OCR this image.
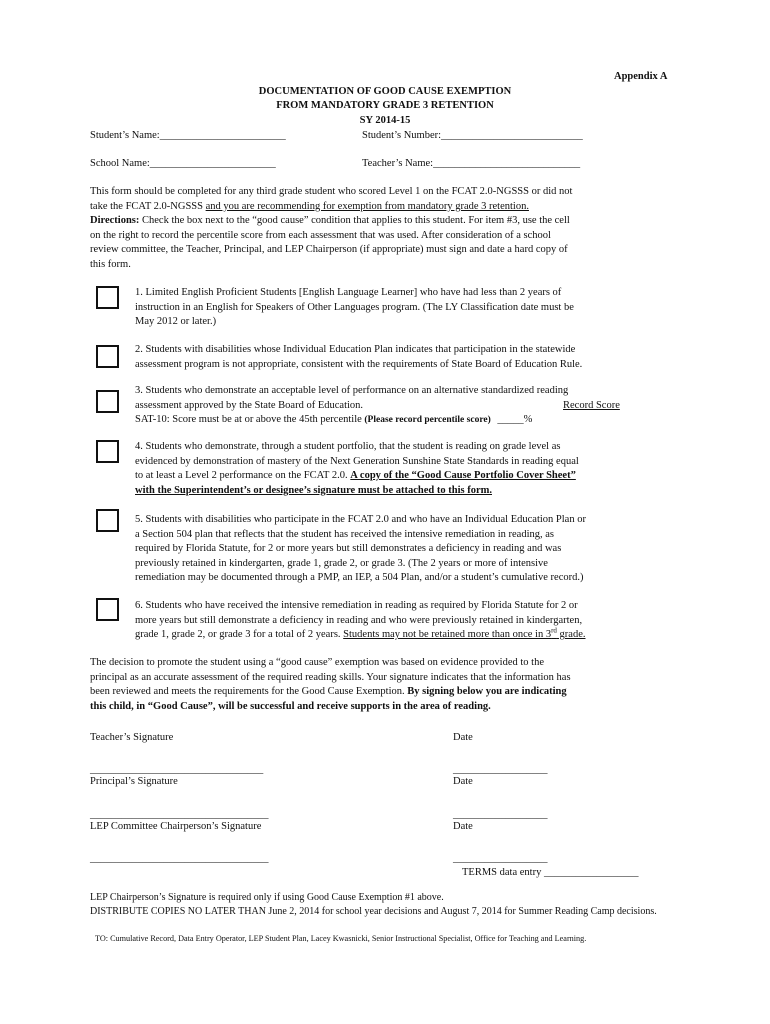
Appendix A
DOCUMENTATION OF GOOD CAUSE EXEMPTION
FROM MANDATORY GRADE 3 RETENTION
SY 2014-15
Student’s Name:________________________	Student’s Number:___________________________
School Name:________________________	Teacher’s Name:____________________________
This form should be completed for any third grade student who scored Level 1 on the FCAT 2.0-NGSSS or did not
take the FCAT 2.0-NGSSS and you are recommending for exemption from mandatory grade 3 retention.
Directions: Check the box next to the “good cause” condition that applies to this student. For item #3, use the cell
on the right to record the percentile score from each assessment that was used. After consideration of a school
review committee, the Teacher, Principal, and LEP Chairperson (if appropriate) must sign and date a hard copy of
this form.
1. Limited English Proficient Students [English Language Learner] who have had less than 2 years of
instruction in an English for Speakers of Other Languages program. (The LY Classification date must be
May 2012 or later.)
2. Students with disabilities whose Individual Education Plan indicates that participation in the statewide
assessment program is not appropriate, consistent with the requirements of State Board of Education Rule.
3. Students who demonstrate an acceptable level of performance on an alternative standardized reading
assessment approved by the State Board of Education.	Record Score
SAT-10: Score must be at or above the 45th percentile (Please record percentile score) _____%
4. Students who demonstrate, through a student portfolio, that the student is reading on grade level as
evidenced by demonstration of mastery of the Next Generation Sunshine State Standards in reading equal
to at least a Level 2 performance on the FCAT 2.0. A copy of the “Good Cause Portfolio Cover Sheet”
with the Superintendent’s or designee’s signature must be attached to this form.
5. Students with disabilities who participate in the FCAT 2.0 and who have an Individual Education Plan or
a Section 504 plan that reflects that the student has received the intensive remediation in reading, as
required by Florida Statute, for 2 or more years but still demonstrates a deficiency in reading and was
previously retained in kindergarten, grade 1, grade 2, or grade 3. (The 2 years or more of intensive
remediation may be documented through a PMP, an IEP, a 504 Plan, and/or a student’s cumulative record.)
6. Students who have received the intensive remediation in reading as required by Florida Statute for 2 or
more years but still demonstrate a deficiency in reading and who were previously retained in kindergarten,
grade 1, grade 2, or grade 3 for a total of 2 years. Students may not be retained more than once in 3rd grade.
The decision to promote the student using a “good cause” exemption was based on evidence provided to the
principal as an accurate assessment of the required reading skills. Your signature indicates that the information has
been reviewed and meets the requirements for the Good Cause Exemption. By signing below you are indicating
this child, in “Good Cause”, will be successful and receive supports in the area of reading.
Teacher’s Signature	Date
_________________________________	__________________
Principal’s Signature	Date
__________________________________	__________________
LEP Committee Chairperson’s Signature	Date
__________________________________	__________________
TERMS data entry __________________
LEP Chairperson’s Signature is required only if using Good Cause Exemption #1 above.
DISTRIBUTE COPIES NO LATER THAN June 2, 2014 for school year decisions and August 7, 2014 for Summer Reading Camp decisions.
TO: Cumulative Record, Data Entry Operator, LEP Student Plan, Lacey Kwasnicki, Senior Instructional Specialist, Office for Teaching and Learning.
